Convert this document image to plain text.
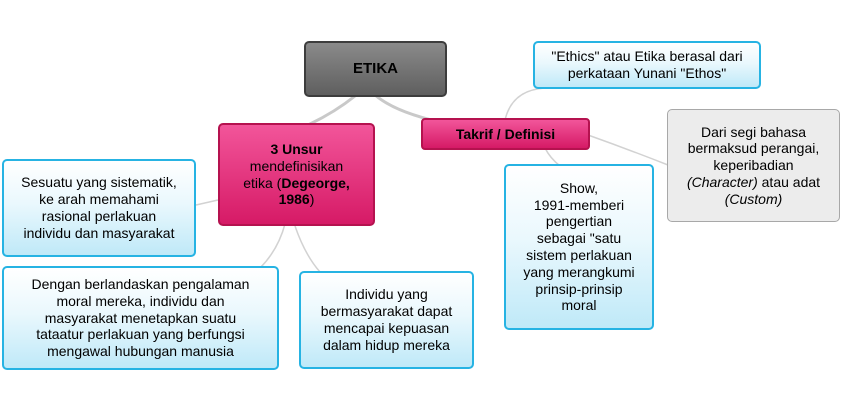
ETIKA
3 Unsur
mendefinisikan
etika (Degeorge,
1986)
Takrif / Definisi
Sesuatu yang sistematik,
ke arah memahami
rasional perlakuan
individu dan masyarakat
Dengan berlandaskan pengalaman
moral mereka, individu dan
masyarakat menetapkan suatu
tataatur perlakuan yang berfungsi
mengawal hubungan manusia
Individu yang
bermasyarakat dapat
mencapai kepuasan
dalam hidup mereka
"Ethics" atau Etika berasal dari
perkataan Yunani "Ethos"
Show,
1991-memberi
pengertian
sebagai "satu
sistem perlakuan
yang merangkumi
prinsip-prinsip
moral
Dari segi bahasa
bermaksud perangai,
keperibadian
(Character) atau adat
(Custom)
